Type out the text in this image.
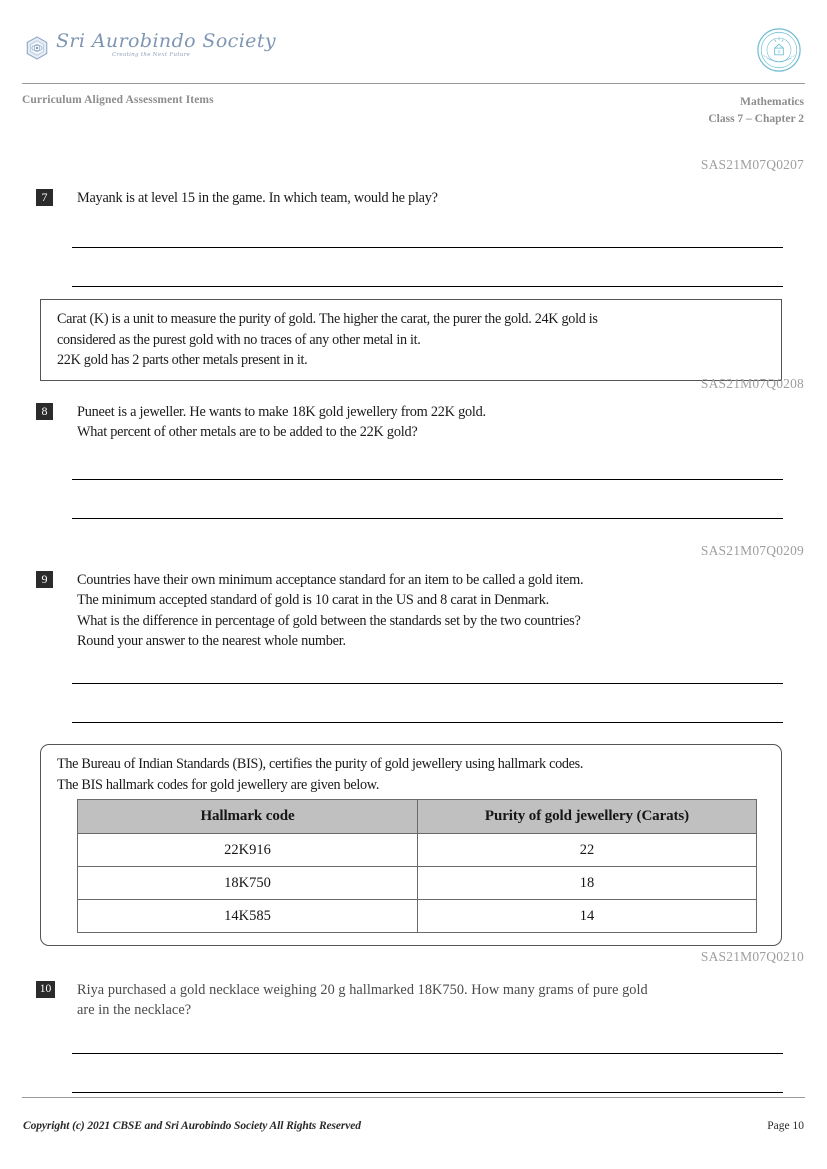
Sri Aurobindo Society
Creating the Next Future
· · · · ·
· · · · ·
Curriculum Aligned Assessment Items	Mathematics
Class 7 – Chapter 2
SAS21M07Q0207
7	Mayank is at level 15 in the game. In which team, would he play?
Carat (K) is a unit to measure the purity of gold. The higher the carat, the purer the gold. 24K gold is
considered as the purest gold with no traces of any other metal in it.
22K gold has 2 parts other metals present in it.
SAS21M07Q0208
8	Puneet is a jeweller. He wants to make 18K gold jewellery from 22K gold.
What percent of other metals are to be added to the 22K gold?
SAS21M07Q0209
9	Countries have their own minimum acceptance standard for an item to be called a gold item.
The minimum accepted standard of gold is 10 carat in the US and 8 carat in Denmark.
What is the difference in percentage of gold between the standards set by the two countries?
Round your answer to the nearest whole number.
The Bureau of Indian Standards (BIS), certifies the purity of gold jewellery using hallmark codes.
The BIS hallmark codes for gold jewellery are given below.
Hallmark code	Purity of gold jewellery (Carats)
22K916	22
18K750	18
14K585	14
SAS21M07Q0210
10 Riya purchased a gold necklace weighing 20 g hallmarked 18K750. How many grams of pure gold
are in the necklace?
Copyright (c) 2021 CBSE and Sri Aurobindo Society All Rights Reserved	Page 10
